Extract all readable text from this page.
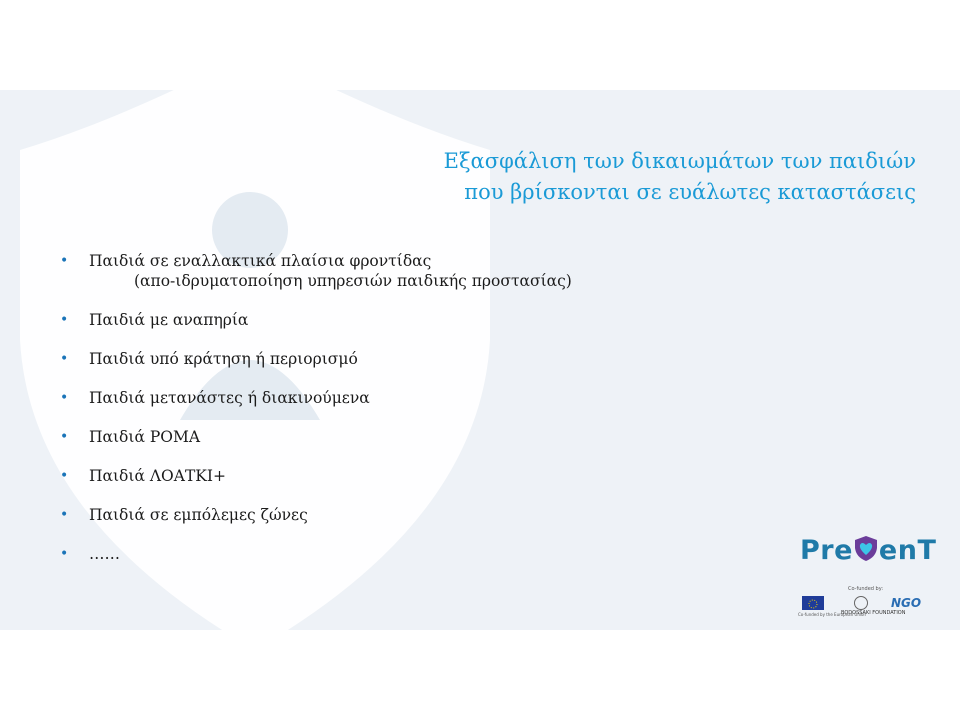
Εξασφάλιση των δικαιωμάτων των παιδιών
που βρίσκονται σε ευάλωτες καταστάσεις
• Παιδιά σε εναλλακτικά πλαίσια φροντίδας
(απο-ιδρυματοποίηση υπηρεσιών παιδικής προστασίας)
• Παιδιά με αναπηρία
• Παιδιά υπό κράτηση ή περιορισμό
• Παιδιά μετανάστες ή διακινούμενα
• Παιδιά ΡΟΜΑ
• Παιδιά ΛΟΑΤΚΙ+
• Παιδιά σε εμπόλεμες ζώνες
• ……	Pre enT
Co-funded by:
Co-funded by the European Union
BODOSSAKI FOUNDATION
NGO
